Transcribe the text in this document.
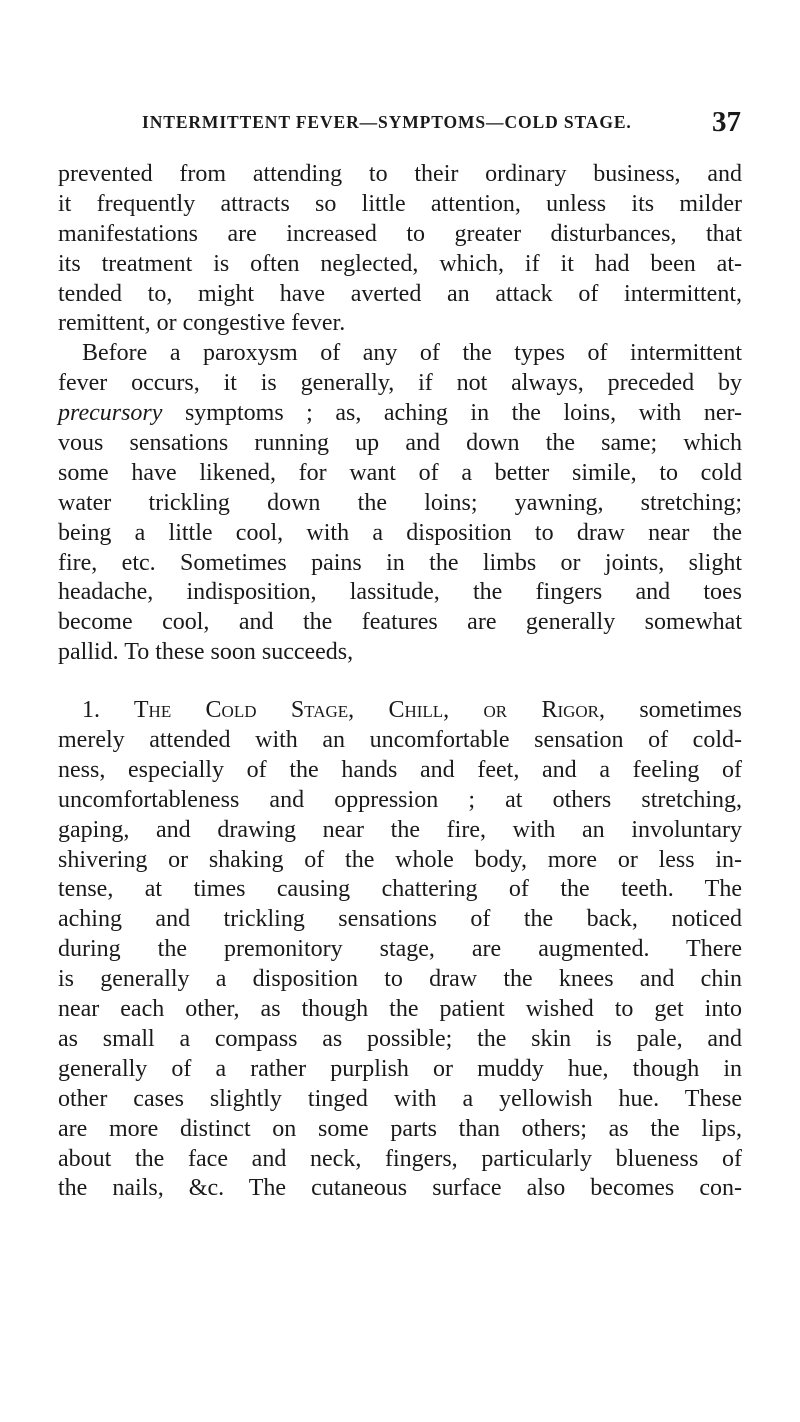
INTERMITTENT FEVER—SYMPTOMS—COLD STAGE.	37
prevented from attending to their ordinary business, and
it frequently attracts so little attention, unless its milder
manifestations are increased to greater disturbances, that
its treatment is often neglected, which, if it had been at-
tended to, might have averted an attack of intermittent,
remittent, or congestive fever.
Before a paroxysm of any of the types of intermittent
fever occurs, it is generally, if not always, preceded by
precursory symptoms ; as, aching in the loins, with ner-
vous sensations running up and down the same; which
some have likened, for want of a better simile, to cold
water trickling down the loins; yawning, stretching;
being a little cool, with a disposition to draw near the
fire, etc. Sometimes pains in the limbs or joints, slight
headache, indisposition, lassitude, the fingers and toes
become cool, and the features are generally somewhat
pallid. To these soon succeeds,
1. The Cold Stage, Chill, or Rigor, sometimes
merely attended with an uncomfortable sensation of cold-
ness, especially of the hands and feet, and a feeling of
uncomfortableness and oppression ; at others stretching,
gaping, and drawing near the fire, with an involuntary
shivering or shaking of the whole body, more or less in-
tense, at times causing chattering of the teeth. The
aching and trickling sensations of the back, noticed
during the premonitory stage, are augmented. There
is generally a disposition to draw the knees and chin
near each other, as though the patient wished to get into
as small a compass as possible; the skin is pale, and
generally of a rather purplish or muddy hue, though in
other cases slightly tinged with a yellowish hue. These
are more distinct on some parts than others; as the lips,
about the face and neck, fingers, particularly blueness of
the nails, &c. The cutaneous surface also becomes con-
